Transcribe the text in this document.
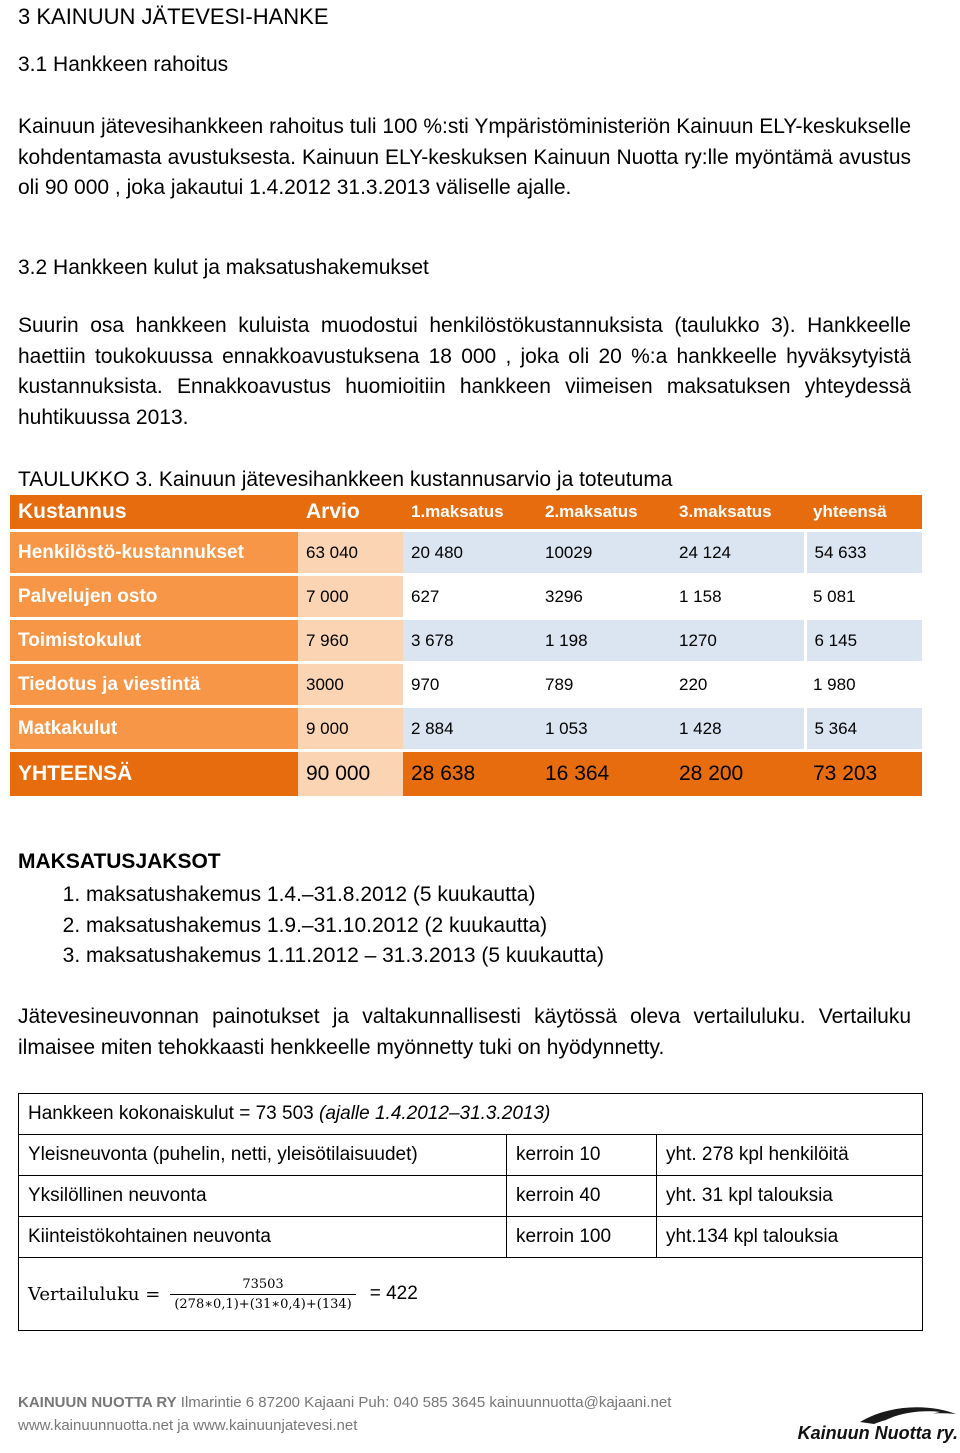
3 KAINUUN JÄTEVESI-HANKE
3.1 Hankkeen rahoitus
Kainuun jätevesihankkeen rahoitus tuli 100 %:sti Ympäristöministeriön Kainuun ELY-keskukselle kohdentamasta avustuksesta. Kainuun ELY-keskuksen Kainuun Nuotta ry:lle myöntämä avustus oli 90 000 , joka jakautui 1.4.2012 31.3.2013 väliselle ajalle.
3.2 Hankkeen kulut ja maksatushakemukset
Suurin osa hankkeen kuluista muodostui henkilöstökustannuksista (taulukko 3). Hankkeelle haettiin toukokuussa ennakkoavustuksena 18 000 , joka oli 20 %:a hankkeelle hyväksytyistä kustannuksista. Ennakkoavustus huomioitiin hankkeen viimeisen maksatuksen yhteydessä huhtikuussa 2013.
TAULUKKO 3. Kainuun jätevesihankkeen kustannusarvio ja toteutuma
Kustannus	Arvio	1.maksatus	2.maksatus	3.maksatus	yhteensä
Henkilöstö-kustannukset	63 040	20 480	10029	24 124	54 633
Palvelujen osto	7 000	627	3296	1 158	5 081
Toimistokulut	7 960	3 678	1 198	1270	6 145
Tiedotus ja viestintä	3000	970	789	220	1 980
Matkakulut	9 000	2 884	1 053	1 428	5 364
YHTEENSÄ	90 000	28 638	16 364	28 200	73 203
MAKSATUSJAKSOT
1. maksatushakemus 1.4.–31.8.2012 (5 kuukautta)
2. maksatushakemus 1.9.–31.10.2012 (2 kuukautta)
3. maksatushakemus 1.11.2012 – 31.3.2013 (5 kuukautta)
Jätevesineuvonnan painotukset ja valtakunnallisesti käytössä oleva vertailuluku. Vertailuku ilmaisee miten tehokkaasti henkkeelle myönnetty tuki on hyödynnetty.
Hankkeen kokonaiskulut = 73 503 (ajalle 1.4.2012–31.3.2013)		
Yleisneuvonta (puhelin, netti, yleisötilaisuudet)	kerroin 10	yht. 278 kpl henkilöitä
Yksilöllinen neuvonta	kerroin 40	yht. 31 kpl talouksia
Kiinteistökohtainen neuvonta	kerroin 100	yht.134 kpl talouksia

Vertailuluku = $\frac{73503}{(278∗0,1)+(31∗0,4)+(134)} = 422$		
KAINUUN NUOTTA RY Ilmarintie 6 87200 Kajaani Puh: 040 585 3645 kainuunnuotta@kajaani.net
www.kainuunnuotta.net ja www.kainuunjatevesi.net	Kainuun Nuotta ry.
